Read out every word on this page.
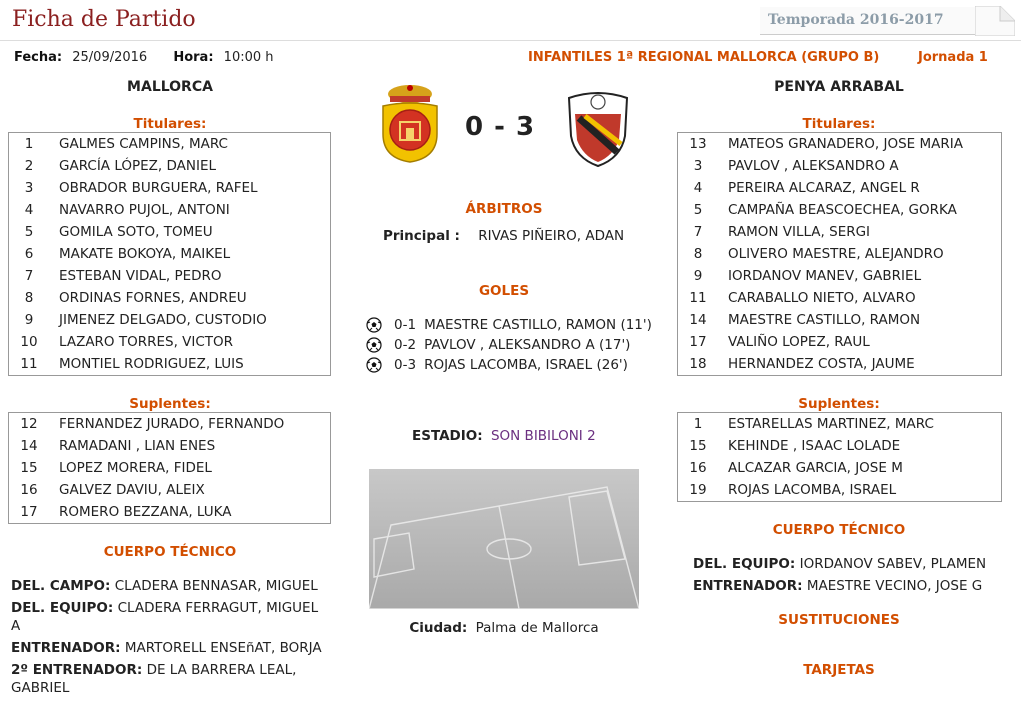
Ficha de Partido	Temporada 2016-2017
Fecha: 25/09/2016 Hora: 10:00 h	INFANTILES 1ª REGIONAL MALLORCA (GRUPO B)	Jornada 1
MALLORCA	PENYA ARRABAL
0 - 3
Titulares:
1	GALMES CAMPINS, MARC
2	GARCÍA LÓPEZ, DANIEL
3	OBRADOR BURGUERA, RAFEL
4	NAVARRO PUJOL, ANTONI
5	GOMILA SOTO, TOMEU
6	MAKATE BOKOYA, MAIKEL
7	ESTEBAN VIDAL, PEDRO
8	ORDINAS FORNES, ANDREU
9	JIMENEZ DELGADO, CUSTODIO
10	LAZARO TORRES, VICTOR
11	MONTIEL RODRIGUEZ, LUIS
Suplentes:
12	FERNANDEZ JURADO, FERNANDO
14	RAMADANI , LIAN ENES
15	LOPEZ MORERA, FIDEL
16	GALVEZ DAVIU, ALEIX
17	ROMERO BEZZANA, LUKA
CUERPO TÉCNICO
DEL. CAMPO: CLADERA BENNASAR, MIGUEL
DEL. EQUIPO: CLADERA FERRAGUT, MIGUEL A
ENTRENADOR: MARTORELL ENSEñAT, BORJA
2º ENTRENADOR: DE LA BARRERA LEAL, GABRIEL
Titulares:
13	MATEOS GRANADERO, JOSE MARIA
3	PAVLOV , ALEKSANDRO A
4	PEREIRA ALCARAZ, ANGEL R
5	CAMPAÑA BEASCOECHEA, GORKA
7	RAMON VILLA, SERGI
8	OLIVERO MAESTRE, ALEJANDRO
9	IORDANOV MANEV, GABRIEL
11	CARABALLO NIETO, ALVARO
14	MAESTRE CASTILLO, RAMON
17	VALIÑO LOPEZ, RAUL
18	HERNANDEZ COSTA, JAUME
Suplentes:
1	ESTARELLAS MARTINEZ, MARC
15	KEHINDE , ISAAC LOLADE
16	ALCAZAR GARCIA, JOSE M
19	ROJAS LACOMBA, ISRAEL
CUERPO TÉCNICO
DEL. EQUIPO: IORDANOV SABEV, PLAMEN
ENTRENADOR: MAESTRE VECINO, JOSE G
SUSTITUCIONES
TARJETAS
ÁRBITROS
Principal : RIVAS PIÑEIRO, ADAN
GOLES
0-1 MAESTRE CASTILLO, RAMON (11')
0-2 PAVLOV , ALEKSANDRO A (17')
0-3 ROJAS LACOMBA, ISRAEL (26')
ESTADIO: SON BIBILONI 2
Ciudad: Palma de Mallorca
